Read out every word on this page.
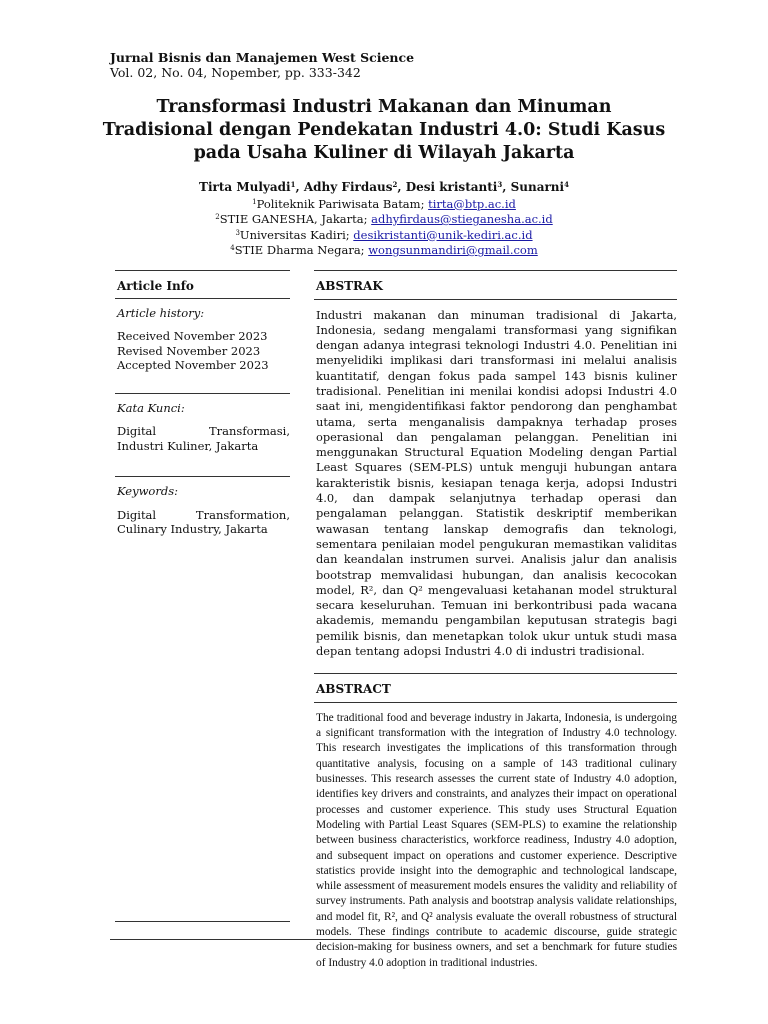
Jurnal Bisnis dan Manajemen West Science
Vol. 02, No. 04, Nopember, pp. 333-342
Transformasi Industri Makanan dan Minuman Tradisional dengan Pendekatan Industri 4.0: Studi Kasus pada Usaha Kuliner di Wilayah Jakarta
Tirta Mulyadi$^1$, Adhy Firdaus$^2$, Desi kristanti$^3$, Sunarni$^4$
$^1$Politeknik Pariwisata Batam; tirta@btp.ac.id
$^2$STIE GANESHA, Jakarta; adhyfirdaus@stieganesha.ac.id
$^3$Universitas Kadiri; desikristanti@unik-kediri.ac.id
$^4$STIE Dharma Negara; wongsunmandiri@gmail.com
Article Info
Article history:

Received November 2023

Revised November 2023

Accepted November 2023

Kata Kunci:
Digital Transformasi, Industri Kuliner, Jakarta
Keywords:
Digital Transformation, Culinary Industry, Jakarta
ABSTRAK
Industri makanan dan minuman tradisional di Jakarta, Indonesia, sedang mengalami transformasi yang signifikan dengan adanya integrasi teknologi Industri 4.0. Penelitian ini menyelidiki implikasi dari transformasi ini melalui analisis kuantitatif, dengan fokus pada sampel 143 bisnis kuliner tradisional. Penelitian ini menilai kondisi adopsi Industri 4.0 saat ini, mengidentifikasi faktor pendorong dan penghambat utama, serta menganalisis dampaknya terhadap proses operasional dan pengalaman pelanggan. Penelitian ini menggunakan Structural Equation Modeling dengan Partial Least Squares (SEM-PLS) untuk menguji hubungan antara karakteristik bisnis, kesiapan tenaga kerja, adopsi Industri 4.0, dan dampak selanjutnya terhadap operasi dan pengalaman pelanggan. Statistik deskriptif memberikan wawasan tentang lanskap demografis dan teknologi, sementara penilaian model pengukuran memastikan validitas dan keandalan instrumen survei. Analisis jalur dan analisis bootstrap memvalidasi hubungan, dan analisis kecocokan model, R², dan Q² mengevaluasi ketahanan model struktural secara keseluruhan. Temuan ini berkontribusi pada wacana akademis, memandu pengambilan keputusan strategis bagi pemilik bisnis, dan menetapkan tolok ukur untuk studi masa depan tentang adopsi Industri 4.0 di industri tradisional.
ABSTRACT
The traditional food and beverage industry in Jakarta, Indonesia, is undergoing a significant transformation with the integration of Industry 4.0 technology. This research investigates the implications of this transformation through quantitative analysis, focusing on a sample of 143 traditional culinary businesses. This research assesses the current state of Industry 4.0 adoption, identifies key drivers and constraints, and analyzes their impact on operational processes and customer experience. This study uses Structural Equation Modeling with Partial Least Squares (SEM-PLS) to examine the relationship between business characteristics, workforce readiness, Industry 4.0 adoption, and subsequent impact on operations and customer experience. Descriptive statistics provide insight into the demographic and technological landscape, while assessment of measurement models ensures the validity and reliability of survey instruments. Path analysis and bootstrap analysis validate relationships, and model fit, R², and Q² analysis evaluate the overall robustness of structural models. These findings contribute to academic discourse, guide strategic decision-making for business owners, and set a benchmark for future studies of Industry 4.0 adoption in traditional industries.
